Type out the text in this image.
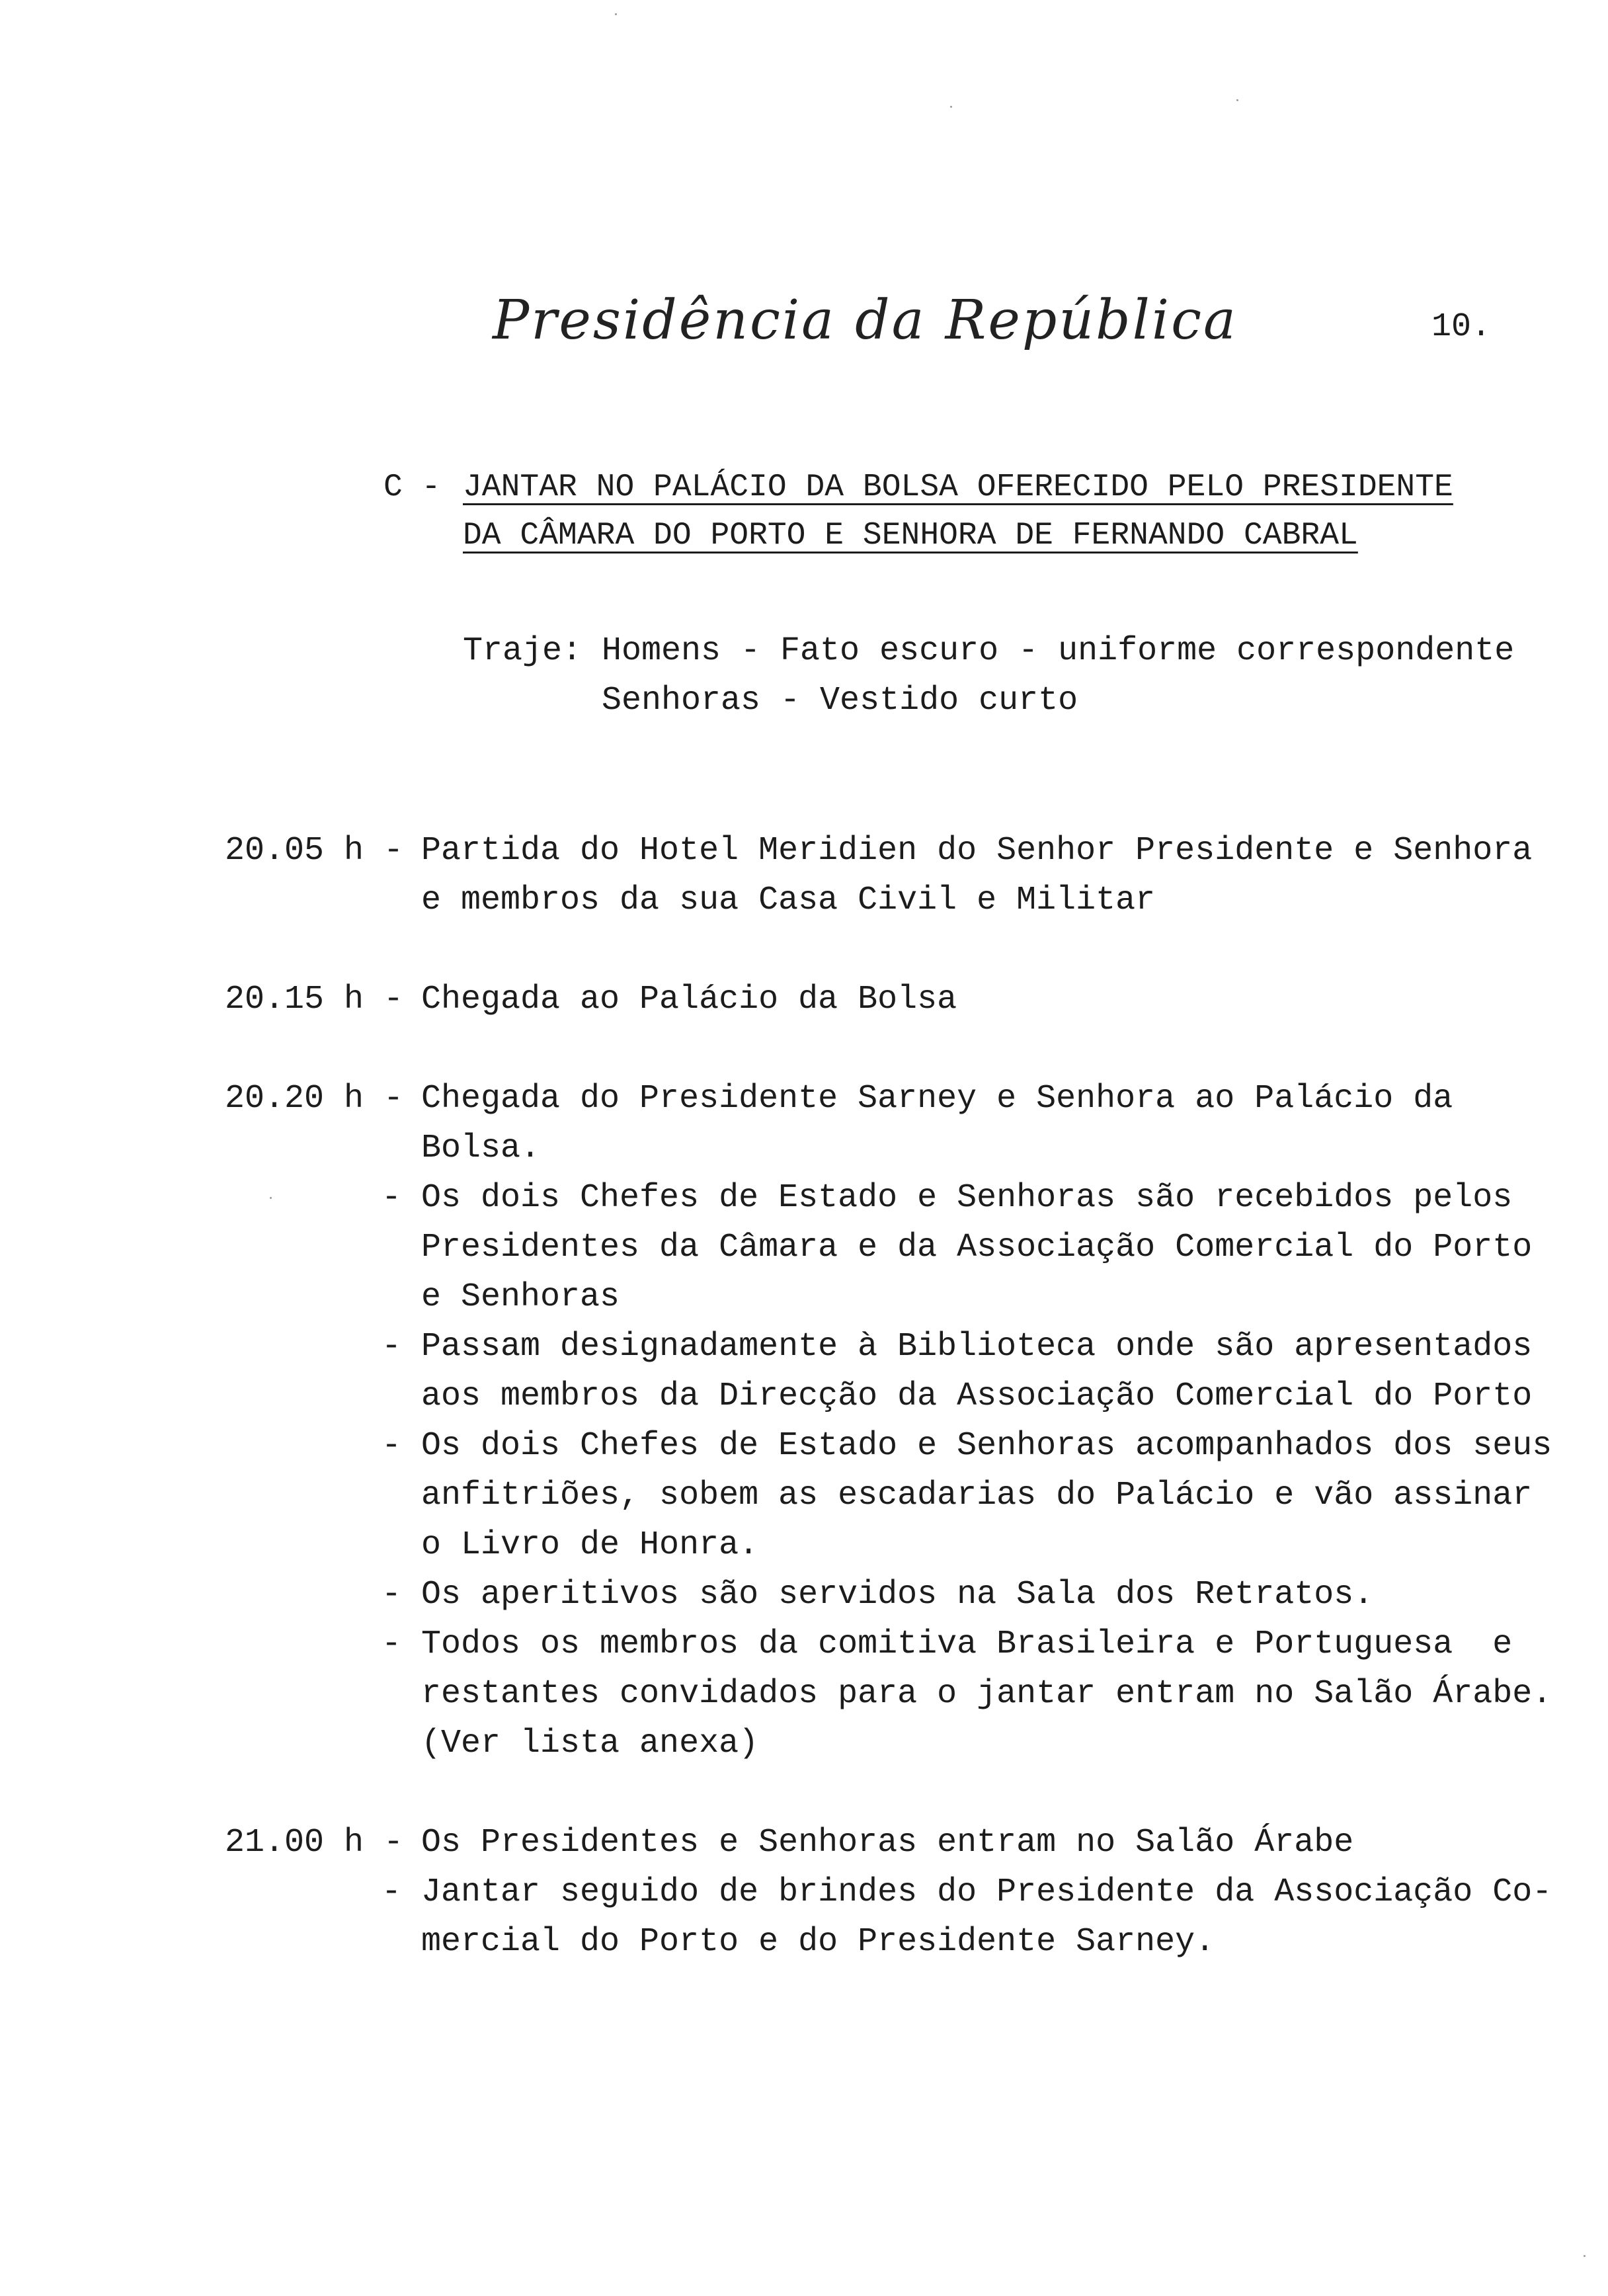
Presidência da República	10.
C - JANTAR NO PALÁCIO DA BOLSA OFERECIDO PELO PRESIDENTE
DA CÂMARA DO PORTO E SENHORA DE FERNANDO CABRAL
Traje: Homens - Fato escuro - uniforme correspondente
Senhoras - Vestido curto
20.05 h - Partida do Hotel Meridien do Senhor Presidente e Senhora
e membros da sua Casa Civil e Militar
20.15 h - Chegada ao Palácio da Bolsa
20.20 h - Chegada do Presidente Sarney e Senhora ao Palácio da
Bolsa.
- Os dois Chefes de Estado e Senhoras são recebidos pelos
Presidentes da Câmara e da Associação Comercial do Porto
e Senhoras
- Passam designadamente à Biblioteca onde são apresentados
aos membros da Direcção da Associação Comercial do Porto
- Os dois Chefes de Estado e Senhoras acompanhados dos seus
anfitriões, sobem as escadarias do Palácio e vão assinar
o Livro de Honra.
- Os aperitivos são servidos na Sala dos Retratos.
- Todos os membros da comitiva Brasileira e Portuguesa  e
restantes convidados para o jantar entram no Salão Árabe.
(Ver lista anexa)
21.00 h - Os Presidentes e Senhoras entram no Salão Árabe
- Jantar seguido de brindes do Presidente da Associação Co-
mercial do Porto e do Presidente Sarney.
